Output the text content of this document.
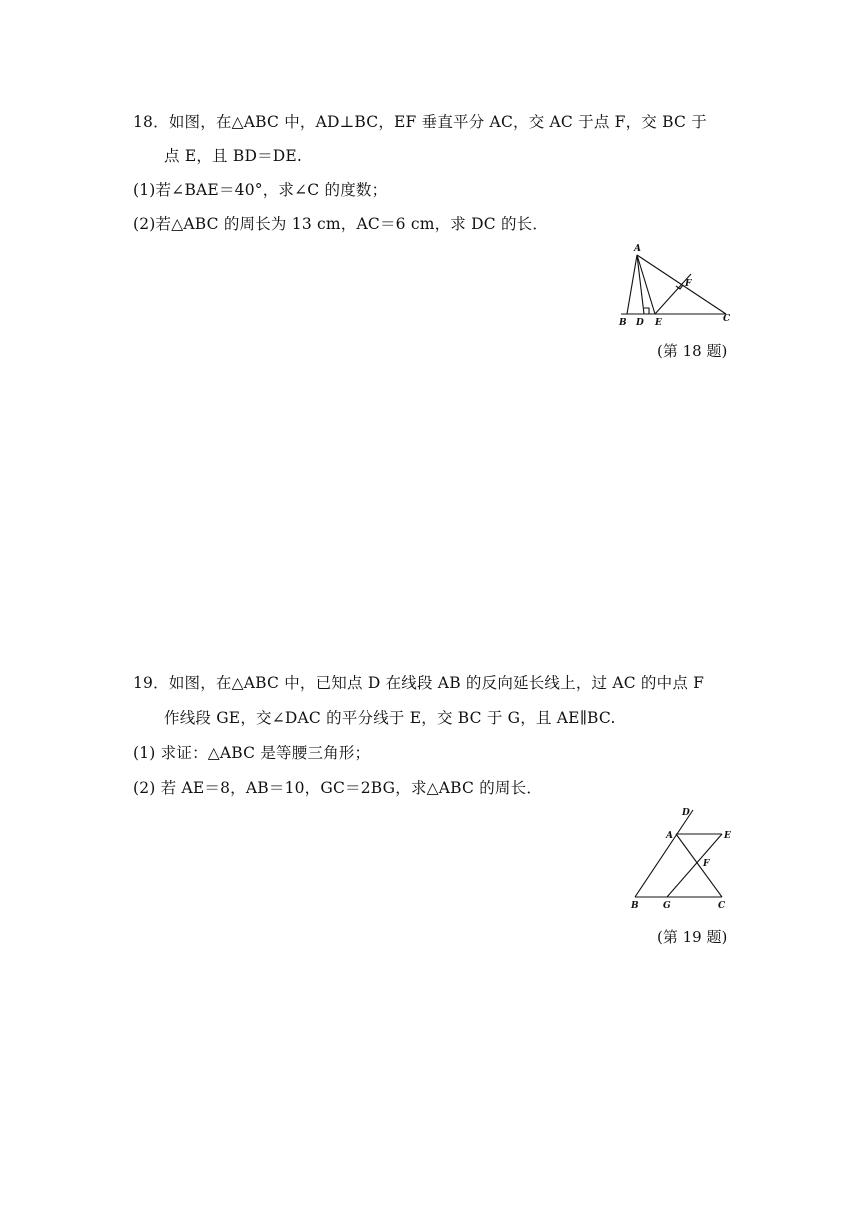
18．如图，在△ABC 中，AD⊥BC，EF 垂直平分 AC，交 AC 于点 F，交 BC 于
点 E，且 BD＝DE.
(1)若∠BAE＝40°，求∠C 的度数；
(2)若△ABC 的周长为 13 cm，AC＝6 cm，求 DC 的长．
A
B D E	C
F
(第 18 题)
19．如图，在△ABC 中，已知点 D 在线段 AB 的反向延长线上，过 AC 的中点 F
作线段 GE，交∠DAC 的平分线于 E，交 BC 于 G，且 AE∥BC.
(1) 求证：△ABC 是等腰三角形；
(2) 若 AE＝8，AB＝10，GC＝2BG，求△ABC 的周长．
D
A	E
F
B	G	C
(第 19 题)
